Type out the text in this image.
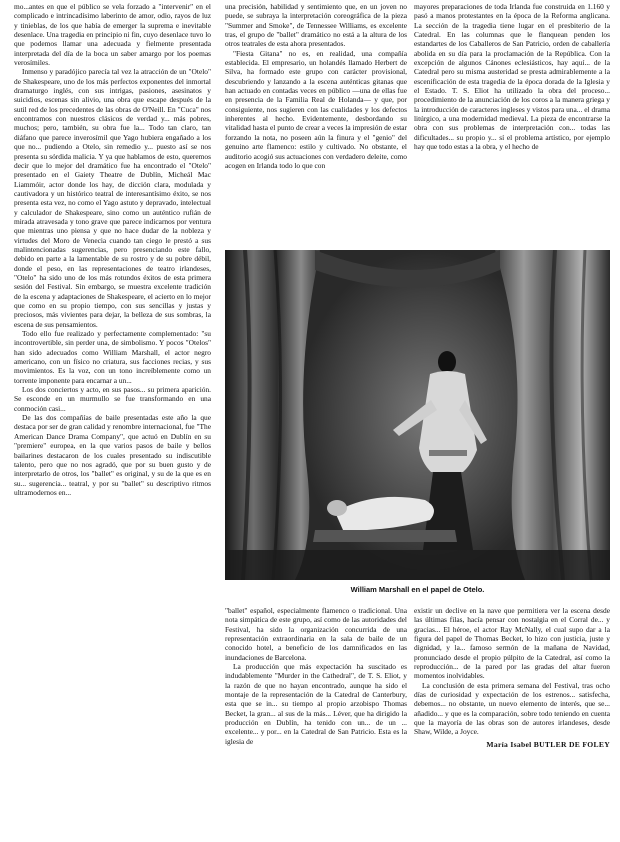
mo...antes en que el público se vela forzado a "intervenir" en el complicado e intrincadísimo laberinto de amor, odio, rayos de luz y tinieblas, de los que había de emerger la suprema e inevitable desenlace. Una tragedia en principio ni fin, cuyo desenlace tuvo lo que podemos llamar una adecuada y fielmente presentada interpretada del día de la boca un saber amargo por los poemas verosímiles.

Inmenso y paradójico parecía tal vez la atracción de un "Otelo" de Shakespeare, uno de los más perfectos exponentes del inmortal dramaturgo inglés, con sus intrigas, pasiones, asesinatos y suicidios, escenas sin alivio, una obra que escape después de la sutil red de los precedentes de las obras de O'Neill. En "Cuca" nos encontramos con nuestros clásicos de verdad y... más pobres, muchos; pero, también, su obra fue la... Todo tan claro, tan diáfano que parece inverosímil que Yago hubiera engañado a los que no... pudiendo a Otelo, sin remedio y... puesto así se nos presenta su sórdida malicia. Y ya que hablamos de esto, queremos decir que lo mejor del dramático fue ha encontrado el "Otelo" presentado en el Gaiety Theatre de Dublín, Micheál Mac Liammóir, actor donde los hay, de dicción clara, modulada y cautivadora y un histórico teatral de interesantísimo éxito, se nos presenta esta vez, no como el Yago astuto y depravado, intelectual y calculador de Shakespeare, sino como un auténtico rufián de mirada atravesada y tono grave que parece indicarnos por ventura que mientras uno piensa y que no hace dudar de la nobleza y virtudes del Moro de Venecia cuando tan ciego le prestó a sus malintencionadas sugerencias, pero presenciando este fallo, debido en parte a la lamentable de su rostro y de su pobre débil, donde el peso, en las representaciones de teatro irlandeses, "Otelo" ha sido uno de los más rotundos éxitos de esta primera sesión del Festival. Sin embargo, se muestra excelente tradición de la escena y adaptaciones de Shakespeare, el acierto en lo mejor que como en su propio tiempo, con sus sencillas y justas y preciosos, más vivientes para dejar, la belleza de sus sombras, la escena de sus pensamientos.

Todo ello fue realizado y perfectamente complementado: "su incontrovertible, sin perder una, de simbolismo. Y pocos "Otelos" han sido adecuados como William Marshall, el actor negro americano, con un físico no criatura, sus facciones recias, y sus movimientos. Es la voz, con un tono increíblemente como un torrente imponente para encarnar a un...

Los dos conciertos y acto, en sus pasos... su primera aparición. Se esconde en un murmullo se fue transformando en una conmoción casi...

De las dos compañías de baile presentadas este año la que destaca por ser de gran calidad y renombre internacional, fue "The American Dance Drama Company", que actuó en Dublín en su "premiere" europea, en la que varios pasos de baile y bellos bailarines destacaron de los cuales presentado su indiscutible talento, pero que no nos agradó, que por su buen gusto y de interpretarlo de otros, los "ballet" es original, y su de la que es en su... sugerencia... teatral, y por su "ballet" su descriptivo ritmos ultramodernos en...

una precisión, habilidad y sentimiento que, en un joven no puede, se subraya la interpretación coreográfica de la pieza "Summer and Smoke", de Tennessee Williams, es excelente tras, el grupo de "ballet" dramático no está a la altura de los otros teatrales de esta ahora presentados.

"Fiesta Gitana" no es, en realidad, una compañía establecida. El empresario, un holandés llamado Herbert de Silva, ha formado este grupo con carácter provisional, descubriendo y lanzando a la escena auténticas gitanas que han actuado en contadas veces en público —una de ellas fue en presencia de la Familia Real de Holanda— y que, por consiguiente, nos sugieren con las cualidades y los defectos inherentes al hecho. Evidentemente, desbordando su vitalidad hasta el punto de crear a veces la impresión de estar forzando la nota, no poseen aún la finura y el "genio" del genuino arte flamenco: estilo y cultivado. No obstante, el auditorio acogió sus actuaciones con verdadero deleite, como acogen en Irlanda todo lo que con

mayores preparaciones de toda Irlanda fue construida en 1.160 y pasó a manos protestantes en la época de la Reforma anglicana. La sección de la tragedia tiene lugar en el presbiterio de la Catedral. En las columnas que le flanquean penden los estandartes de los Caballeros de San Patricio, orden de caballería abolida en su día para la proclamación de la República. Con la excepción de algunos Cánones eclesiásticos, hay aquí... de la Catedral pero su misma austeridad se presta admirablemente a la escenificación de esta tragedia de la época dorada de la Iglesia y el Estado. T. S. Eliot ha utilizado la obra del proceso... procedimiento de la anunciación de los coros a la manera griega y la introducción de caracteres ingleses y vistos para una... el drama litúrgico, a una modernidad medieval. La pieza de encontrarse la obra con sus problemas de interpretación con... todas las dificultades... su propio y... sí el problema artístico, por ejemplo hay que todo estas a la obra, y el hecho de

William Marshall en el papel de Otelo.

"ballet" español, especialmente flamenco o tradicional. Una nota simpática de este grupo, así como de las autoridades del Festival, ha sido la organización concurrida de una representación extraordinaria en la sala de baile de un conocido hotel, a beneficio de los damnificados en las inundaciones de Barcelona.

La producción que más expectación ha suscitado es indudablemente "Murder in the Cathedral", de T. S. Eliot, y la razón de que no hayan encontrado, aunque ha sido el montaje de la representación de la Catedral de Canterbury, esta que se in... su tiempo al propio arzobispo Thomas Becket, la gran... al sus de la más... Léver, que ha dirigido la producción en Dublín, ha tenido con un... de un ... excelente... y por... en la Catedral de San Patricio. Esta es la iglesia de

existir un declive en la nave que permitiera ver la escena desde las últimas filas, hacía pensar con nostalgia en el Corral de... y gracias... El héroe, el actor Ray McNally, el cual supo dar a la figura del papel de Thomas Becket, lo hizo con justicia, juste y dignidad, y la... famoso sermón de la mañana de Navidad, pronunciado desde el propio púlpito de la Catedral, así como la reproducción... de la pared por las gradas del altar fueron momentos inolvidables.

La conclusión de esta primera semana del Festival, tras ocho días de curiosidad y expectación de los estrenos... satisfecha, debemos... no obstante, un nuevo elemento de interés, que se... añadido... y que es la comparación, sobre todo teniendo en cuenta que la mayoría de las obras son de autores irlandeses, desde Shaw, Wilde, a Joyce.

María Isabel BUTLER DE FOLEY
